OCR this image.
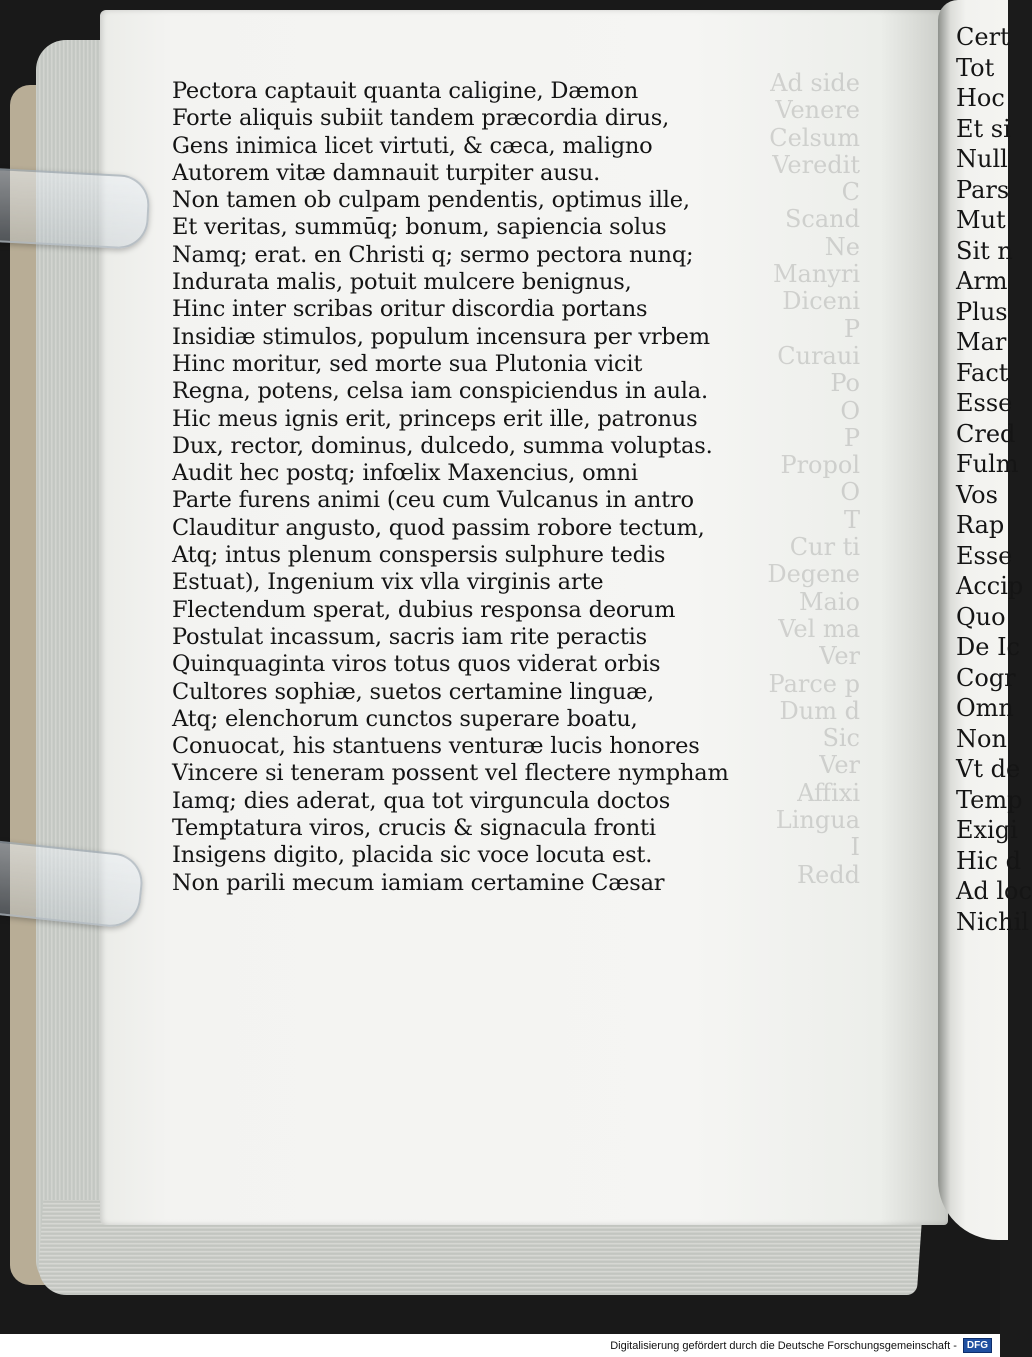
Cert
Tot
Hoc
Et si
Null
Pars
Mut
Sit n
Arm
Plus
Mar
Fact
Esse
Cred
Fulm
Vos
Rap
Esse
Accip
Quo
De Ic
Cogr
Omn
Non
Vt de
Temp
Exigi
Hic d
Ad loc
Nichil
Ad side
Venere
Celsum
Veredit
C
Scand
Ne
Manyri
Diceni
P
Curaui
Po
O
P
Propol
O
T
Cur ti
Degene
Maio
Vel ma
Ver
Parce p
Dum d
Sic
Ver
Affixi
Lingua
I
Redd
Pectora captauit quanta caligine, Dæmon
Forte aliquis subiit tandem præcordia dirus,
Gens inimica licet virtuti, & cæca, maligno
Autorem vitæ damnauit turpiter ausu.
Non tamen ob culpam pendentis, optimus ille,
Et veritas, summūq; bonum, sapiencia solus
Namq; erat. en Christi q; sermo pectora nunq;
Indurata malis, potuit mulcere benignus,
Hinc inter scribas oritur discordia portans
Insidiæ stimulos, populum incensura per vrbem
Hinc moritur, sed morte sua Plutonia vicit
Regna, potens, celsa iam conspiciendus in aula.
Hic meus ignis erit, princeps erit ille, patronus
Dux, rector, dominus, dulcedo, summa voluptas.
Audit hec postq; infœlix Maxencius, omni
Parte furens animi (ceu cum Vulcanus in antro
Clauditur angusto, quod passim robore tectum,
Atq; intus plenum conspersis sulphure tedis
Estuat), Ingenium vix vlla virginis arte
Flectendum sperat, dubius responsa deorum
Postulat incassum, sacris iam rite peractis
Quinquaginta viros totus quos viderat orbis
Cultores sophiæ, suetos certamine linguæ,
Atq; elenchorum cunctos superare boatu,
Conuocat, his stantuens venturæ lucis honores
Vincere si teneram possent vel flectere nympham
Iamq; dies aderat, qua tot virguncula doctos
Temptatura viros, crucis & signacula fronti
Insigens digito, placida sic voce locuta est.
Non parili mecum iamiam certamine Cæsar
Digitalisierung gefördert durch die Deutsche Forschungsgemeinschaft -	DFG
